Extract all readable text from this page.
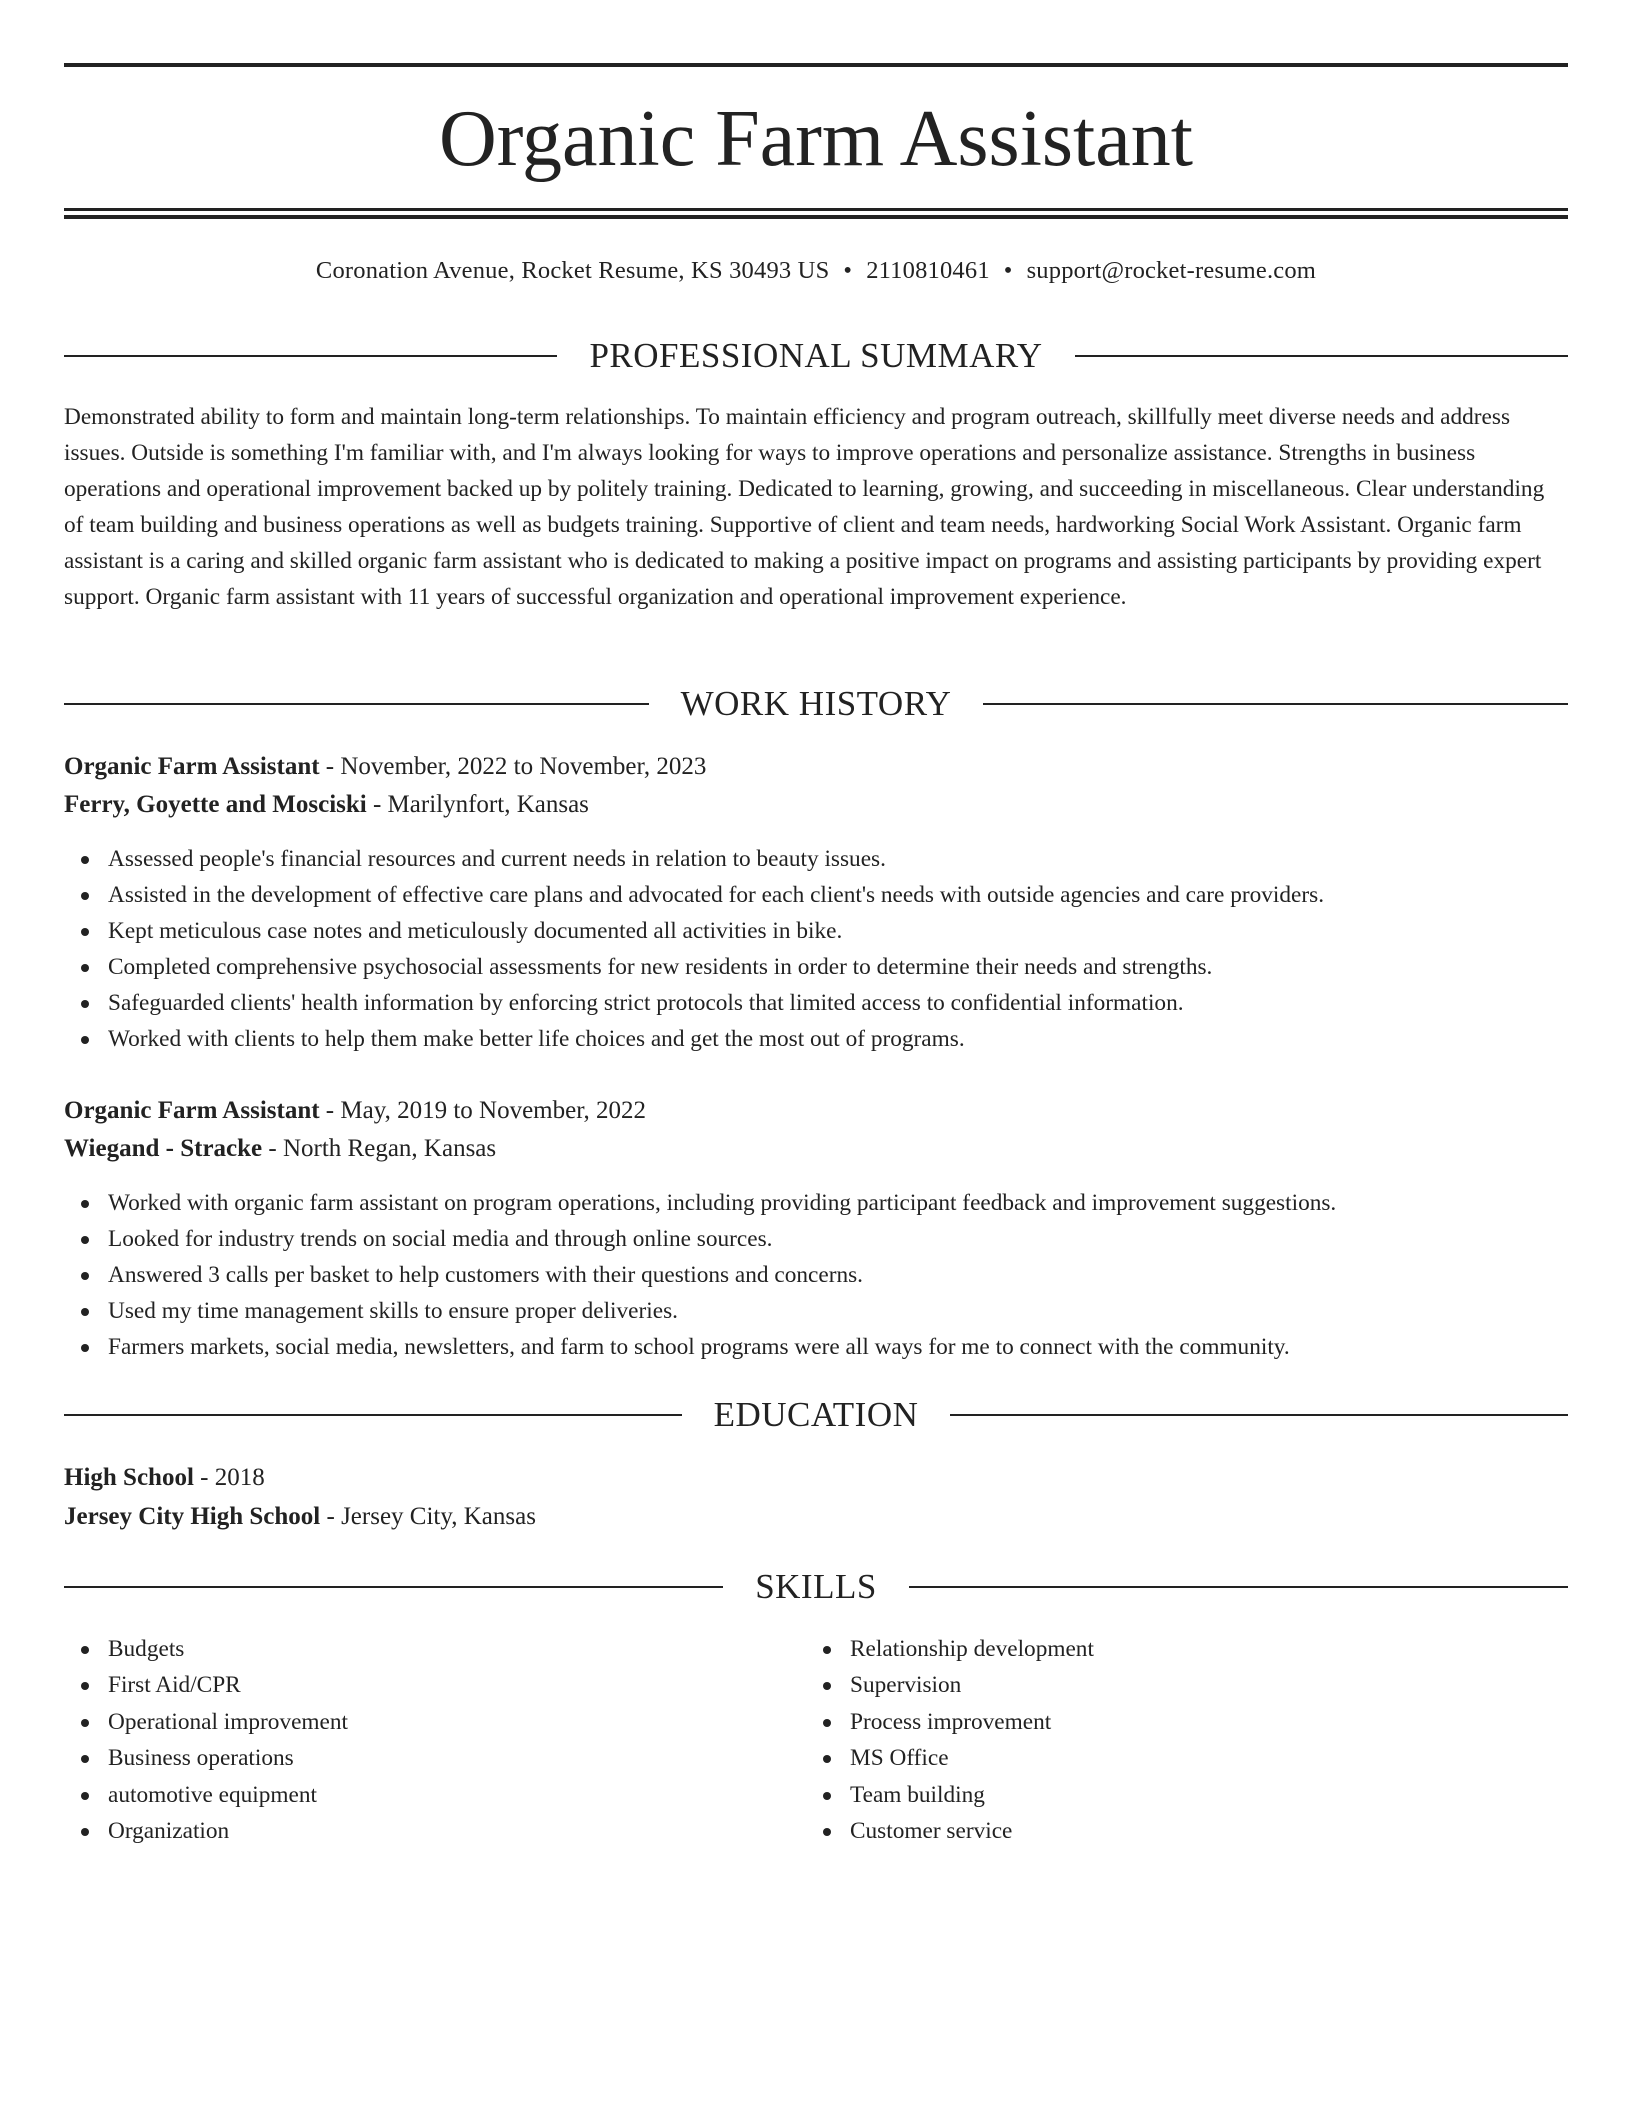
Organic Farm Assistant
Coronation Avenue, Rocket Resume, KS 30493 US • 2110810461 • support@rocket-resume.com
PROFESSIONAL SUMMARY

Demonstrated ability to form and maintain long-term relationships. To maintain efficiency and program outreach, skillfully meet diverse needs and address issues. Outside is something I'm familiar with, and I'm always looking for ways to improve operations and personalize assistance. Strengths in business operations and operational improvement backed up by politely training. Dedicated to learning, growing, and succeeding in miscellaneous. Clear understanding of team building and business operations as well as budgets training. Supportive of client and team needs, hardworking Social Work Assistant. Organic farm assistant is a caring and skilled organic farm assistant who is dedicated to making a positive impact on programs and assisting participants by providing expert support. Organic farm assistant with 11 years of successful organization and operational improvement experience.

WORK HISTORY
Organic Farm Assistant - November, 2022 to November, 2023
Ferry, Goyette and Mosciski - Marilynfort, Kansas
Assessed people's financial resources and current needs in relation to beauty issues.
Assisted in the development of effective care plans and advocated for each client's needs with outside agencies and care providers.
Kept meticulous case notes and meticulously documented all activities in bike.
Completed comprehensive psychosocial assessments for new residents in order to determine their needs and strengths.
Safeguarded clients' health information by enforcing strict protocols that limited access to confidential information.
Worked with clients to help them make better life choices and get the most out of programs.
Organic Farm Assistant - May, 2019 to November, 2022
Wiegand - Stracke - North Regan, Kansas
Worked with organic farm assistant on program operations, including providing participant feedback and improvement suggestions.
Looked for industry trends on social media and through online sources.
Answered 3 calls per basket to help customers with their questions and concerns.
Used my time management skills to ensure proper deliveries.
Farmers markets, social media, newsletters, and farm to school programs were all ways for me to connect with the community.
EDUCATION
High School - 2018
Jersey City High School - Jersey City, Kansas
SKILLS
Budgets
First Aid/CPR
Operational improvement
Business operations
automotive equipment
Organization
Relationship development
Supervision
Process improvement
MS Office
Team building
Customer service
